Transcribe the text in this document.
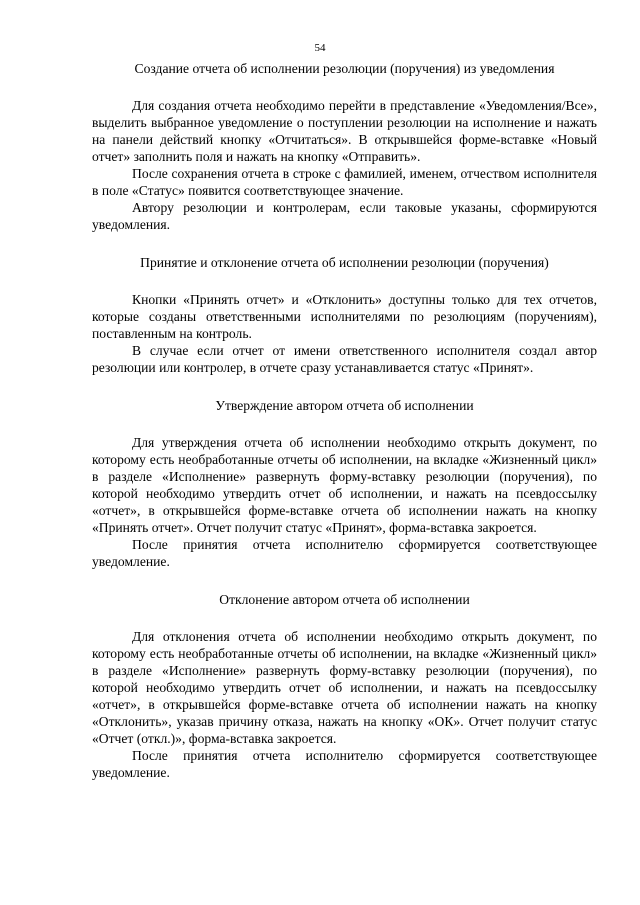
54
Создание отчета об исполнении резолюции (поручения) из уведомления

Для создания отчета необходимо перейти в представление «Уведомления/Все», выделить выбранное уведомление о поступлении резолюции на исполнение и нажать на панели действий кнопку «Отчитаться». В открывшейся форме-вставке «Новый отчет» заполнить поля и нажать на кнопку «Отправить».

После сохранения отчета в строке с фамилией, именем, отчеством исполнителя в поле «Статус» появится соответствующее значение.

Автору резолюции и контролерам, если таковые указаны, сформируются уведомления.

Принятие и отклонение отчета об исполнении резолюции (поручения)

Кнопки «Принять отчет» и «Отклонить» доступны только для тех отчетов, которые созданы ответственными исполнителями по резолюциям (поручениям), поставленным на контроль.

В случае если отчет от имени ответственного исполнителя создал автор резолюции или контролер, в отчете сразу устанавливается статус «Принят».

Утверждение автором отчета об исполнении

Для утверждения отчета об исполнении необходимо открыть документ, по которому есть необработанные отчеты об исполнении, на вкладке «Жизненный цикл» в разделе «Исполнение» развернуть форму-вставку резолюции (поручения), по которой необходимо утвердить отчет об исполнении, и нажать на псевдоссылку «отчет», в открывшейся форме-вставке отчета об исполнении нажать на кнопку «Принять отчет». Отчет получит статус «Принят», форма-вставка закроется.

После принятия отчета исполнителю сформируется соответствующее уведомление.

Отклонение автором отчета об исполнении

Для отклонения отчета об исполнении необходимо открыть документ, по которому есть необработанные отчеты об исполнении, на вкладке «Жизненный цикл» в разделе «Исполнение» развернуть форму-вставку резолюции (поручения), по которой необходимо утвердить отчет об исполнении, и нажать на псевдоссылку «отчет», в открывшейся форме-вставке отчета об исполнении нажать на кнопку «Отклонить», указав причину отказа, нажать на кнопку «ОК». Отчет получит статус «Отчет (откл.)», форма-вставка закроется.

После принятия отчета исполнителю сформируется соответствующее уведомление.
